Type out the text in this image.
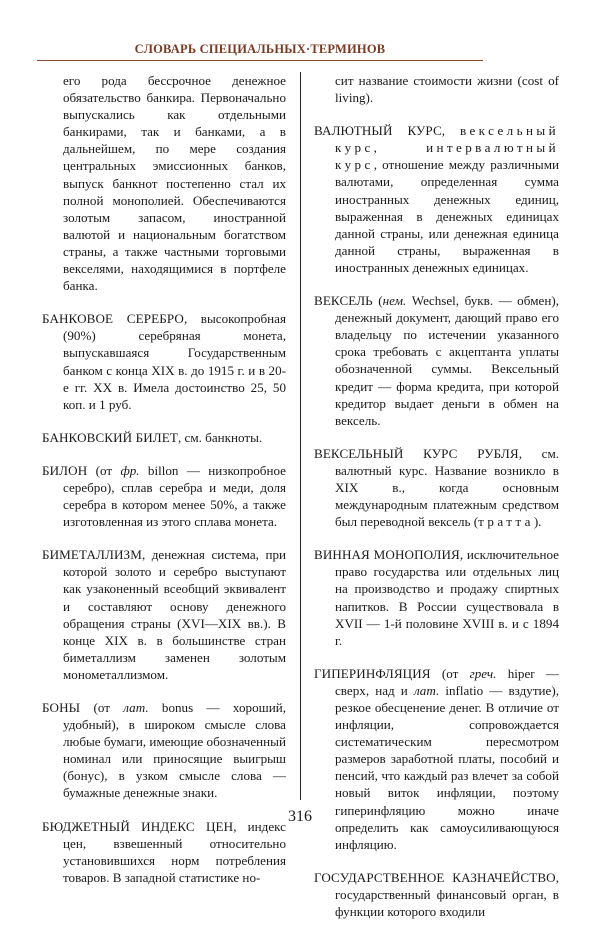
СЛОВАРЬ СПЕЦИАЛЬНЫХ·ТЕРМИНОВ

его рода бессрочное денежное обязательство банкира. Первоначально выпускались как отдельными банкирами, так и банками, а в дальнейшем, по мере создания центральных эмиссионных банков, выпуск банкнот постепенно стал их полной монополией. Обеспечиваются золотым запасом, иностранной валютой и национальным богатством страны, а также частными торговыми векселями, находящимися в портфеле банка.

БАНКОВОЕ СЕРЕБРО, высокопробная (90%) серебряная монета, выпускавшаяся Государственным банком с конца XIX в. до 1915 г. и в 20-е гг. XX в. Имела достоинство 25, 50 коп. и 1 руб.

БАНКОВСКИЙ БИЛЕТ, см. банкноты.

БИЛОН (от фр. billon — низкопробное серебро), сплав серебра и меди, доля серебра в котором менее 50%, а также изготовленная из этого сплава монета.

БИМЕТАЛЛИЗМ, денежная система, при которой золото и серебро выступают как узаконенный всеобщий эквивалент и составляют основу денежного обращения страны (XVI—XIX вв.). В конце XIX в. в большинстве стран биметаллизм заменен золотым монометаллизмом.

БОНЫ (от лат. bonus — хороший, удобный), в широком смысле слова любые бумаги, имеющие обозначенный номинал или приносящие выигрыш (бонус), в узком смысле слова — бумажные денежные знаки.

БЮДЖЕТНЫЙ ИНДЕКС ЦЕН, индекс цен, взвешенный относительно установившихся норм потребления товаров. В западной статистике но-

сит название стоимости жизни (cost of living).

ВАЛЮТНЫЙ КУРС, вексельный курс, интервалютный курс, отношение между различными валютами, определенная сумма иностранных денежных единиц, выраженная в денежных единицах данной страны, или денежная единица данной страны, выраженная в иностранных денежных единицах.

ВЕКСЕЛЬ (нем. Wechsel, букв. — обмен), денежный документ, дающий право его владельцу по истечении указанного срока требовать с акцептанта уплаты обозначенной суммы. Вексельный кредит — форма кредита, при которой кредитор выдает деньги в обмен на вексель.

ВЕКСЕЛЬНЫЙ КУРС РУБЛЯ, см. валютный курс. Название возникло в XIX в., когда основным международным платежным средством был переводной вексель (тратта).

ВИННАЯ МОНОПОЛИЯ, исключительное право государства или отдельных лиц на производство и продажу спиртных напитков. В России существовала в XVII — 1-й половине XVIII в. и с 1894 г.

ГИПЕРИНФЛЯЦИЯ (от греч. hiper — сверх, над и лат. inflatio — вздутие), резкое обесценение денег. В отличие от инфляции, сопровождается систематическим пересмотром размеров заработной платы, пособий и пенсий, что каждый раз влечет за собой новый виток инфляции, поэтому гиперинфляцию можно иначе определить как самоусиливающуюся инфляцию.

ГОСУДАРСТВЕННОЕ КАЗНАЧЕЙСТВО, государственный финансовый орган, в функции которого входили

316
